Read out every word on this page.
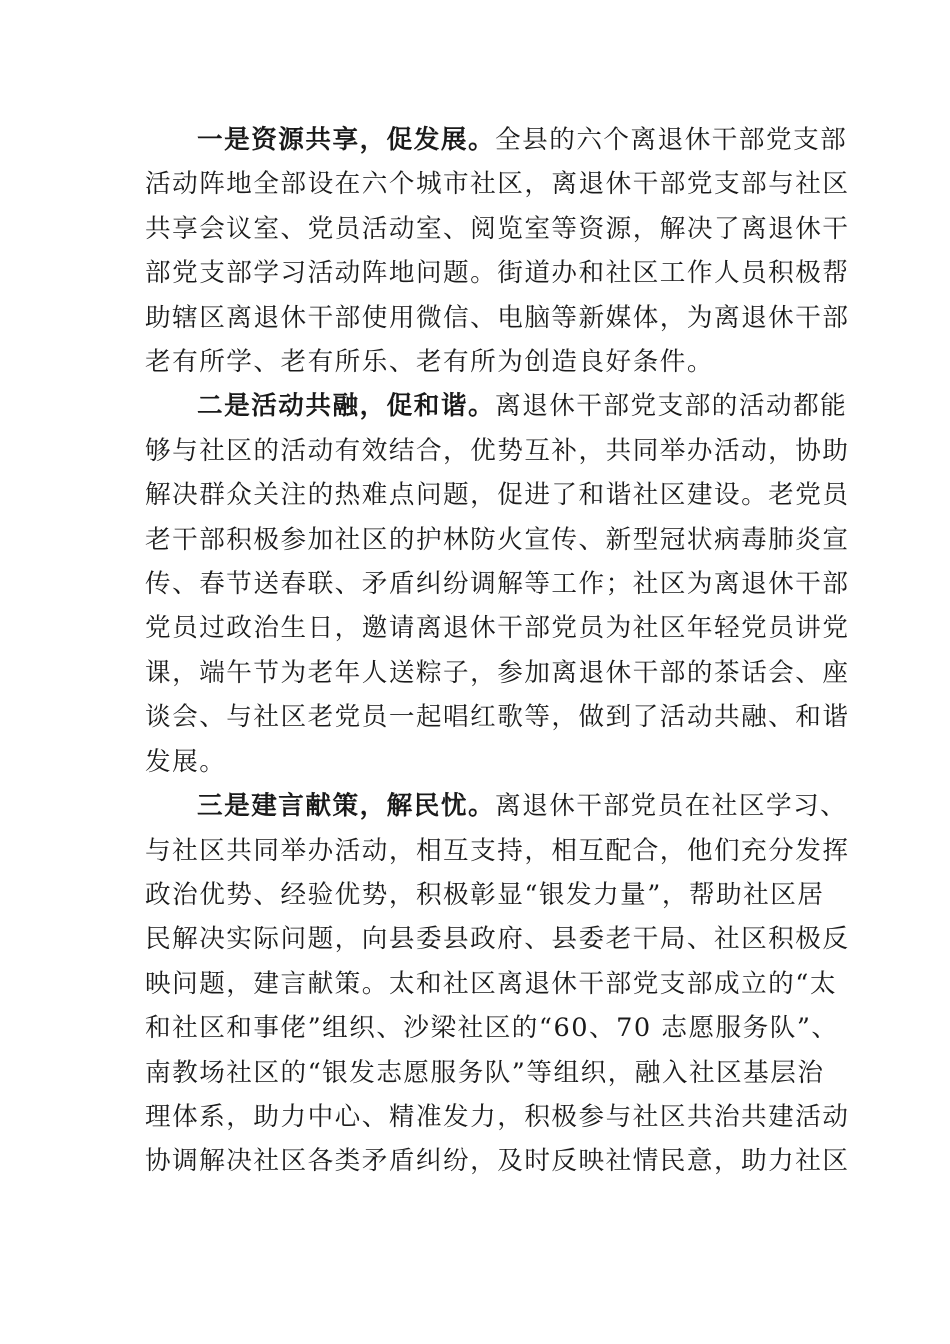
一是资源共享，促发展。全县的六个离退休干部党支部
活动阵地全部设在六个城市社区，离退休干部党支部与社区
共享会议室、党员活动室、阅览室等资源，解决了离退休干
部党支部学习活动阵地问题。街道办和社区工作人员积极帮
助辖区离退休干部使用微信、电脑等新媒体，为离退休干部
老有所学、老有所乐、老有所为创造良好条件。
二是活动共融，促和谐。离退休干部党支部的活动都能
够与社区的活动有效结合，优势互补，共同举办活动，协助
解决群众关注的热难点问题，促进了和谐社区建设。老党员
老干部积极参加社区的护林防火宣传、新型冠状病毒肺炎宣
传、春节送春联、矛盾纠纷调解等工作；社区为离退休干部
党员过政治生日，邀请离退休干部党员为社区年轻党员讲党
课，端午节为老年人送粽子，参加离退休干部的茶话会、座
谈会、与社区老党员一起唱红歌等，做到了活动共融、和谐
发展。
三是建言献策，解民忧。离退休干部党员在社区学习、
与社区共同举办活动，相互支持，相互配合，他们充分发挥
政治优势、经验优势，积极彰显“银发力量”，帮助社区居
民解决实际问题，向县委县政府、县委老干局、社区积极反
映问题，建言献策。太和社区离退休干部党支部成立的“太
和社区和事佬”组织、沙梁社区的“60、70 志愿服务队”、
南教场社区的“银发志愿服务队”等组织，融入社区基层治
理体系，助力中心、精准发力，积极参与社区共治共建活动
协调解决社区各类矛盾纠纷，及时反映社情民意，助力社区
